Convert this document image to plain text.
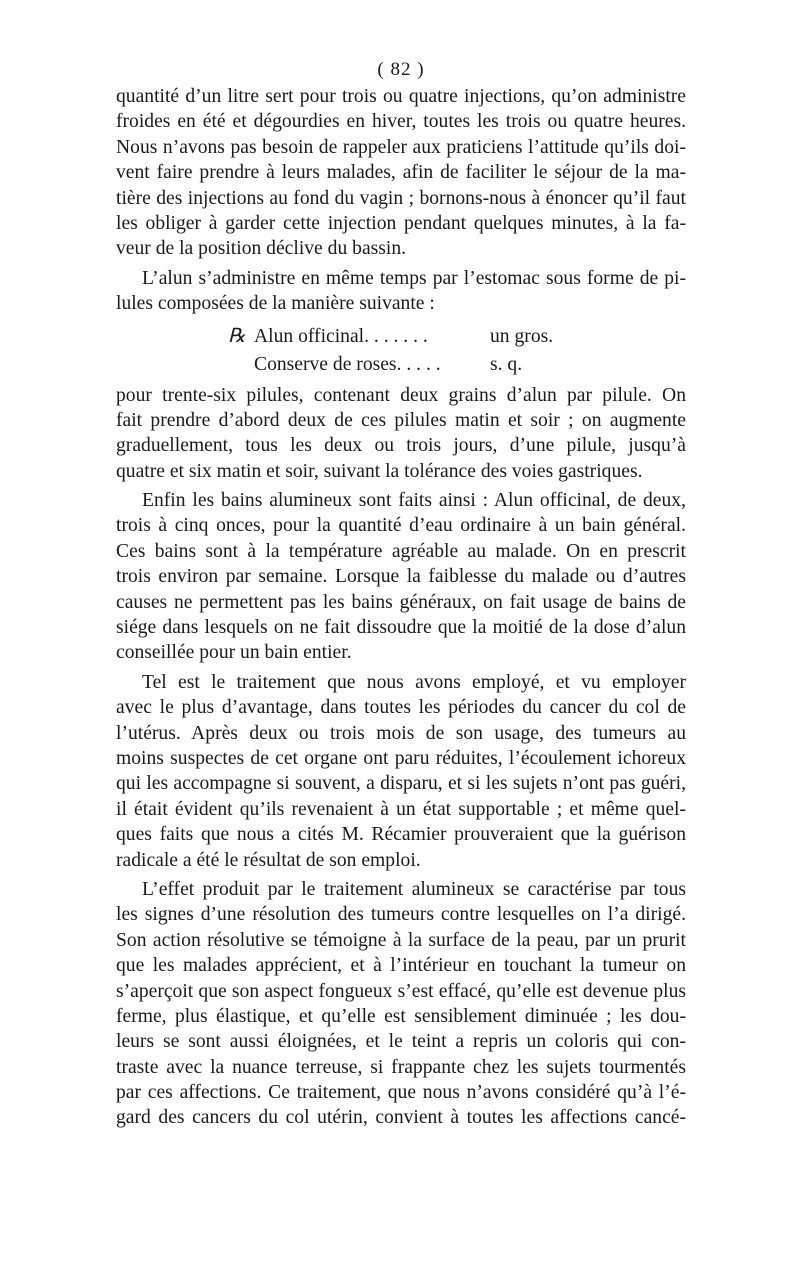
( 82 )

quantité d’un litre sert pour trois ou quatre injections, qu’on administre
froides en été et dégourdies en hiver, toutes les trois ou quatre heures.
Nous n’avons pas besoin de rappeler aux praticiens l’attitude qu’ils doi-
vent faire prendre à leurs malades, afin de faciliter le séjour de la ma-
tière des injections au fond du vagin ; bornons-nous à énoncer qu’il faut
les obliger à garder cette injection pendant quelques minutes, à la fa-
veur de la position déclive du bassin.

L’alun s’administre en même temps par l’estomac sous forme de pi-
lules composées de la manière suivante :

℞ Alun officinal. . . . . . .	un gros.
Conserve de roses. . . . .	s. q.

pour trente-six pilules, contenant deux grains d’alun par pilule. On
fait prendre d’abord deux de ces pilules matin et soir ; on augmente
graduellement, tous les deux ou trois jours, d’une pilule, jusqu’à
quatre et six matin et soir, suivant la tolérance des voies gastriques.

Enfin les bains alumineux sont faits ainsi : Alun officinal, de deux,
trois à cinq onces, pour la quantité d’eau ordinaire à un bain général.
Ces bains sont à la température agréable au malade. On en prescrit
trois environ par semaine. Lorsque la faiblesse du malade ou d’autres
causes ne permettent pas les bains généraux, on fait usage de bains de
siége dans lesquels on ne fait dissoudre que la moitié de la dose d’alun
conseillée pour un bain entier.

Tel est le traitement que nous avons employé, et vu employer
avec le plus d’avantage, dans toutes les périodes du cancer du col de
l’utérus. Après deux ou trois mois de son usage, des tumeurs au
moins suspectes de cet organe ont paru réduites, l’écoulement ichoreux
qui les accompagne si souvent, a disparu, et si les sujets n’ont pas guéri,
il était évident qu’ils revenaient à un état supportable ; et même quel-
ques faits que nous a cités M. Récamier prouveraient que la guérison
radicale a été le résultat de son emploi.

L’effet produit par le traitement alumineux se caractérise par tous
les signes d’une résolution des tumeurs contre lesquelles on l’a dirigé.
Son action résolutive se témoigne à la surface de la peau, par un prurit
que les malades apprécient, et à l’intérieur en touchant la tumeur on
s’aperçoit que son aspect fongueux s’est effacé, qu’elle est devenue plus
ferme, plus élastique, et qu’elle est sensiblement diminuée ; les dou-
leurs se sont aussi éloignées, et le teint a repris un coloris qui con-
traste avec la nuance terreuse, si frappante chez les sujets tourmentés
par ces affections. Ce traitement, que nous n’avons considéré qu’à l’é-
gard des cancers du col utérin, convient à toutes les affections cancé-
